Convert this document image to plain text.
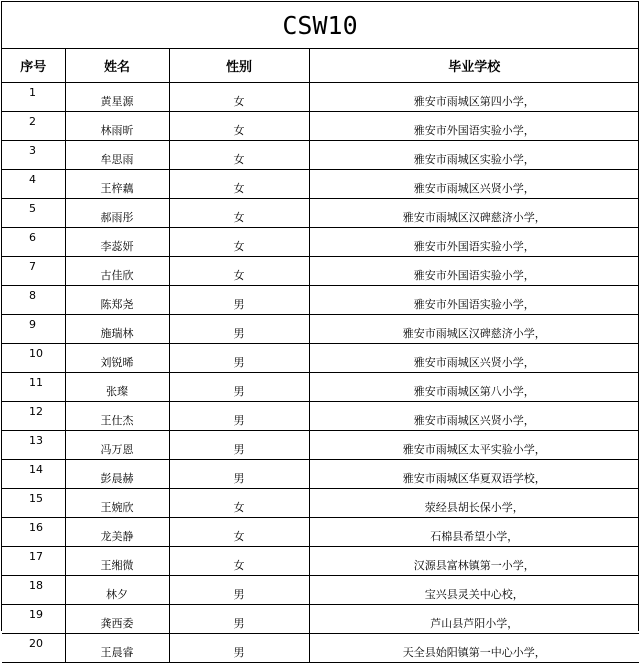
CSW10
序号	姓名	性别	毕业学校
1	黄星源	女	雅安市雨城区第四小学，
2	林雨昕	女	雅安市外国语实验小学，
3	牟思雨	女	雅安市雨城区实验小学，
4	王梓藕	女	雅安市雨城区兴贤小学，
5	郝雨彤	女	雅安市雨城区汉碑慈济小学，
6	李蕊妍	女	雅安市外国语实验小学，
7	古佳欣	女	雅安市外国语实验小学，
8	陈郑尧	男	雅安市外国语实验小学，
9	施瑞林	男	雅安市雨城区汉碑慈济小学，
10	刘锐晞	男	雅安市雨城区兴贤小学，
11	张璨	男	雅安市雨城区第八小学，
12	王仕杰	男	雅安市雨城区兴贤小学，
13	冯万恩	男	雅安市雨城区太平实验小学，
14	彭晨赫	男	雅安市雨城区华夏双语学校，
15	王婉欣	女	荥经县胡长保小学，
16	龙美静	女	石棉县希望小学，
17	王缃微	女	汉源县富林镇第一小学，
18	林夕	男	宝兴县灵关中心校，
19	龚西委	男	芦山县芦阳小学，
20	王晨睿	男	天全县始阳镇第一中心小学，
